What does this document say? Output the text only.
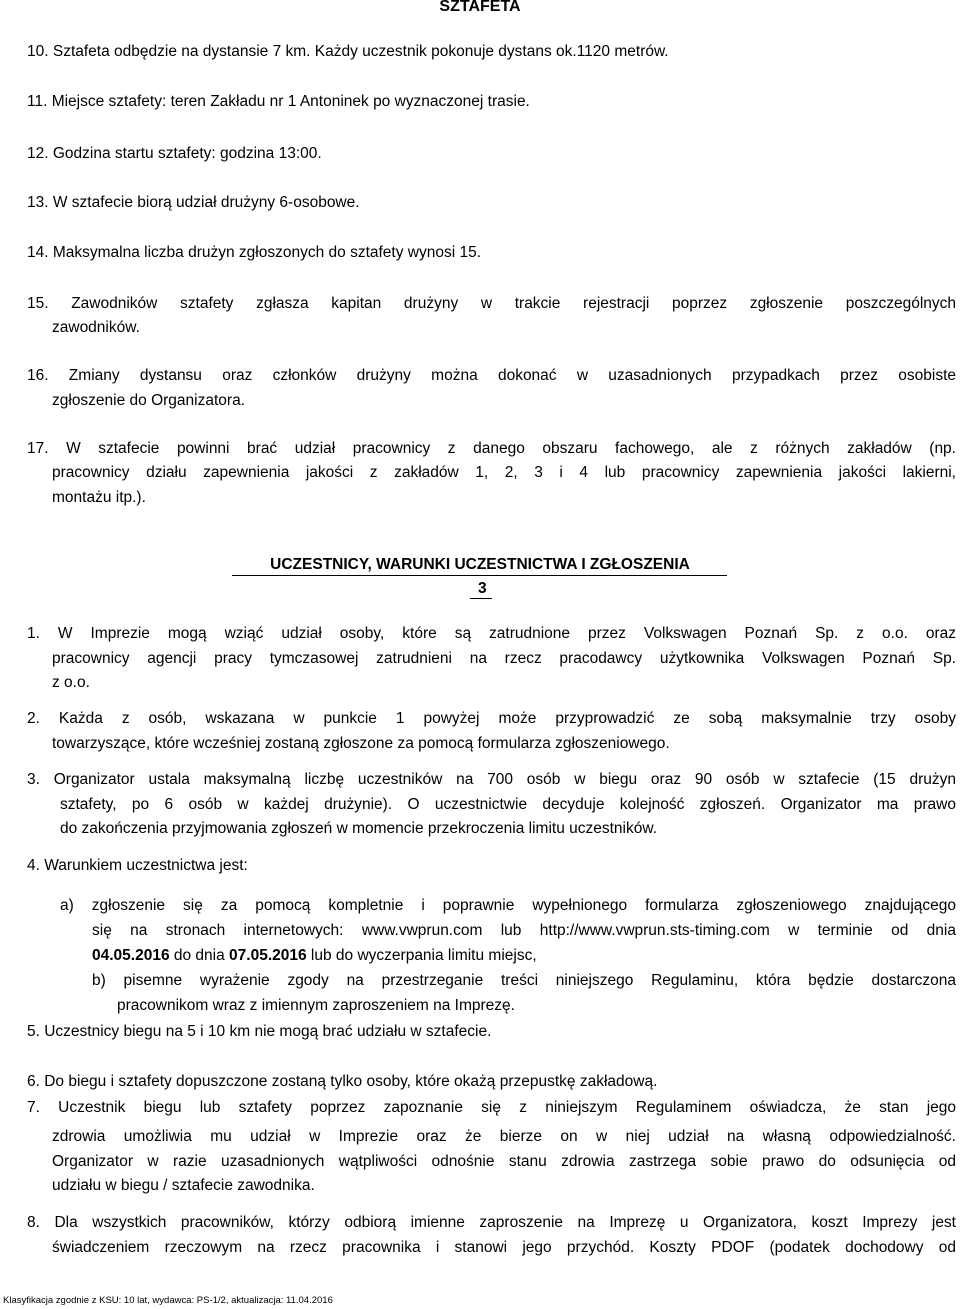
SZTAFETA
10. Sztafeta odbędzie na dystansie 7 km. Każdy uczestnik pokonuje dystans ok.1120 metrów.
11. Miejsce sztafety: teren Zakładu nr 1 Antoninek po wyznaczonej trasie.
12. Godzina startu sztafety: godzina 13:00.
13. W sztafecie biorą udział drużyny 6-osobowe.
14. Maksymalna liczba drużyn zgłoszonych do sztafety wynosi 15.
15. Zawodników sztafety zgłasza kapitan drużyny w trakcie rejestracji poprzez zgłoszenie poszczególnych
zawodników.
16. Zmiany dystansu oraz członków drużyny można dokonać w uzasadnionych przypadkach przez osobiste
zgłoszenie do Organizatora.
17. W sztafecie powinni brać udział pracownicy z danego obszaru fachowego, ale z różnych zakładów (np.
pracownicy działu zapewnienia jakości z zakładów 1, 2, 3 i 4 lub pracownicy zapewnienia jakości lakierni,
montażu itp.).
UCZESTNICY, WARUNKI UCZESTNICTWA I ZGŁOSZENIA
3
1. W Imprezie mogą wziąć udział osoby, które są zatrudnione przez Volkswagen Poznań Sp. z o.o. oraz
pracownicy agencji pracy tymczasowej zatrudnieni na rzecz pracodawcy użytkownika Volkswagen Poznań Sp.
z o.o.
2. Każda z osób, wskazana w punkcie 1 powyżej może przyprowadzić ze sobą maksymalnie trzy osoby
towarzyszące, które wcześniej zostaną zgłoszone za pomocą formularza zgłoszeniowego.
3. Organizator ustala maksymalną liczbę uczestników na 700 osób w biegu oraz 90 osób w sztafecie (15 drużyn
sztafety, po 6 osób w każdej drużynie). O uczestnictwie decyduje kolejność zgłoszeń. Organizator ma prawo
do zakończenia przyjmowania zgłoszeń w momencie przekroczenia limitu uczestników.
4. Warunkiem uczestnictwa jest:
a) zgłoszenie się za pomocą kompletnie i poprawnie wypełnionego formularza zgłoszeniowego znajdującego
się na stronach internetowych: www.vwprun.com lub http://www.vwprun.sts-timing.com w terminie od dnia
04.05.2016 do dnia 07.05.2016 lub do wyczerpania limitu miejsc,
b) pisemne wyrażenie zgody na przestrzeganie treści niniejszego Regulaminu, która będzie dostarczona
pracownikom wraz z imiennym zaproszeniem na Imprezę.
5. Uczestnicy biegu na 5 i 10 km nie mogą brać udziału w sztafecie.
6. Do biegu i sztafety dopuszczone zostaną tylko osoby, które okażą przepustkę zakładową.
7. Uczestnik biegu lub sztafety poprzez zapoznanie się z niniejszym Regulaminem oświadcza, że stan jego
zdrowia umożliwia mu udział w Imprezie oraz że bierze on w niej udział na własną odpowiedzialność.
Organizator w razie uzasadnionych wątpliwości odnośnie stanu zdrowia zastrzega sobie prawo do odsunięcia od
udziału w biegu / sztafecie zawodnika.
8. Dla wszystkich pracowników, którzy odbiorą imienne zaproszenie na Imprezę u Organizatora, koszt Imprezy jest
świadczeniem rzeczowym na rzecz pracownika i stanowi jego przychód. Koszty PDOF (podatek dochodowy od
Klasyfikacja zgodnie z KSU: 10 lat, wydawca: PS-1/2, aktualizacja: 11.04.2016
